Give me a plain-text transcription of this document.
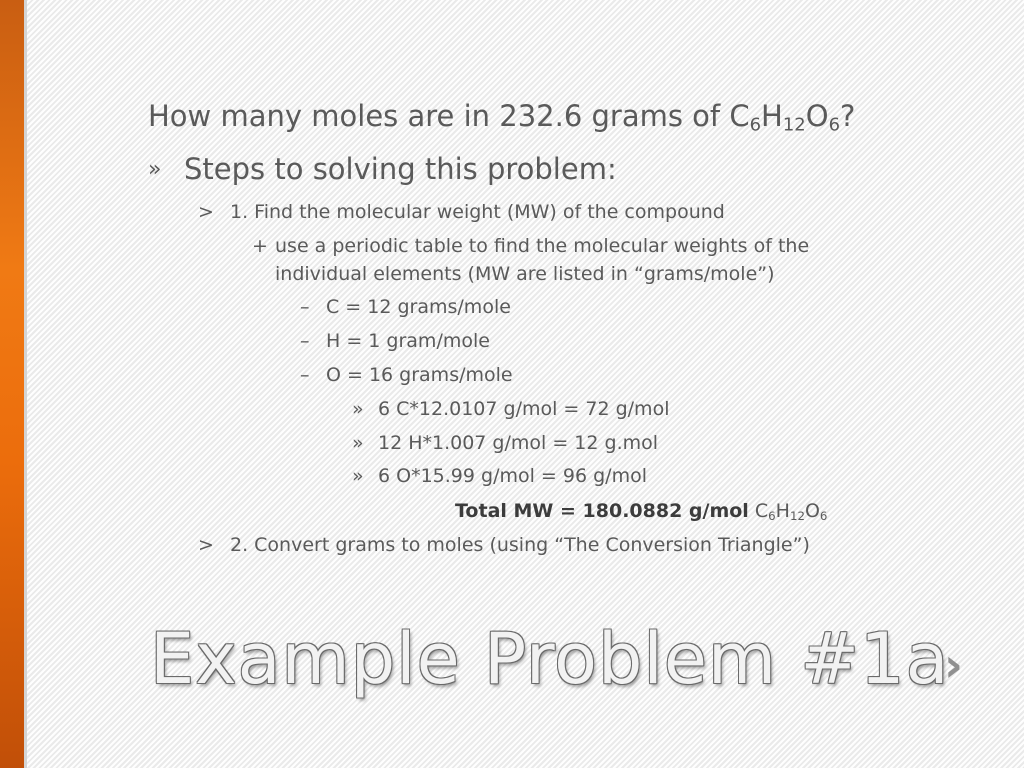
How many moles are in 232.6 grams of $C_6H_{12}O_6$?
» Steps to solving this problem:
> 1. Find the molecular weight (MW) of the compound
+ use a periodic table to find the molecular weights of the
individual elements (MW are listed in “grams/mole”)
– C = 12 grams/mole
– H = 1 gram/mole
– O = 16 grams/mole
» 6 C*12.0107 g/mol = 72 g/mol
» 12 H*1.007 g/mol = 12 g.mol
» 6 O*15.99 g/mol = 96 g/mol
Total MW = 180.0882 g/mol $C_6H_{12}O_6$
> 2. Convert grams to moles (using “The Conversion Triangle”)
Example Problem #1a
›
